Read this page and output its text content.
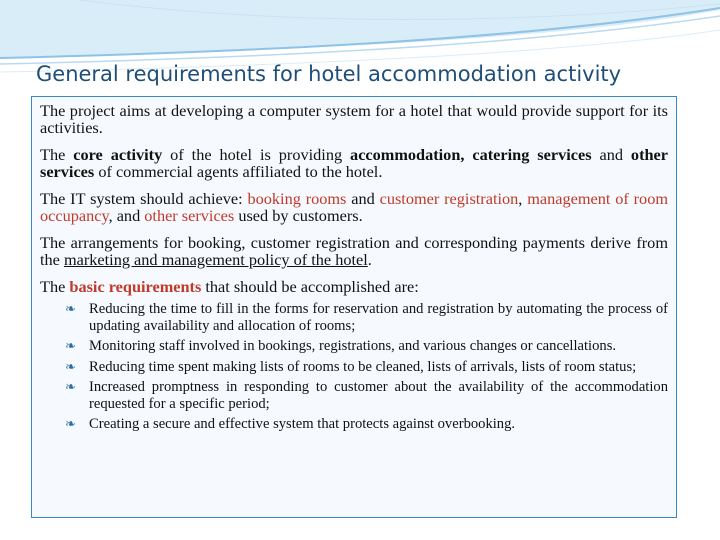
General requirements for hotel accommodation activity

The project aims at developing a computer system for a hotel that would provide support for its activities.

The core activity of the hotel is providing accommodation, catering services and other services of commercial agents affiliated to the hotel.

The IT system should achieve: booking rooms and customer registration, management of room occupancy, and other services used by customers.

The arrangements for booking, customer registration and corresponding payments derive from the marketing and management policy of the hotel.

The basic requirements that should be accomplished are:

❧ Reducing the time to fill in the forms for reservation and registration by automating the process of updating availability and allocation of rooms;
❧ Monitoring staff involved in bookings, registrations, and various changes or cancellations.
❧ Reducing time spent making lists of rooms to be cleaned, lists of arrivals, lists of room status;
❧ Increased promptness in responding to customer about the availability of the accommodation requested for a specific period;
❧ Creating a secure and effective system that protects against overbooking.
